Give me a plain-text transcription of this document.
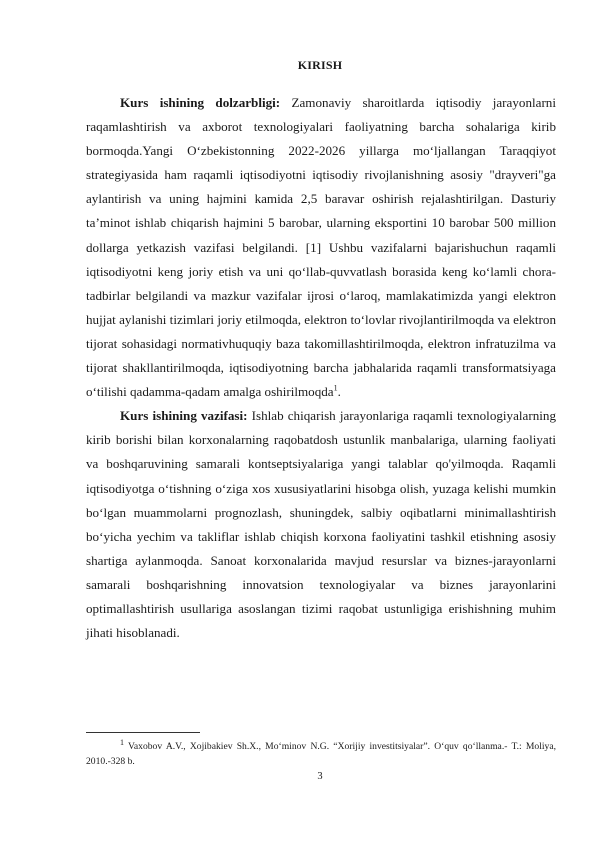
KIRISH

Kurs ishining dolzarbligi: Zamonaviy sharoitlarda iqtisodiy jarayonlarni raqamlashtirish va axborot texnologiyalari faoliyatning barcha sohalariga kirib bormoqda.Yangi O‘zbekistonning 2022-2026 yillarga mo‘ljallangan Taraqqiyot strategiyasida ham raqamli iqtisodiyotni iqtisodiy rivojlanishning asosiy "drayveri"ga aylantirish va uning hajmini kamida 2,5 baravar oshirish rejalashtirilgan. Dasturiy ta’minot ishlab chiqarish hajmini 5 barobar, ularning eksportini 10 barobar 500 million dollarga yetkazish vazifasi belgilandi. [1] Ushbu vazifalarni bajarishuchun raqamli iqtisodiyotni keng joriy etish va uni qo‘llab-quvvatlash borasida keng ko‘lamli chora-tadbirlar belgilandi va mazkur vazifalar ijrosi o‘laroq, mamlakatimizda yangi elektron hujjat aylanishi tizimlari joriy etilmoqda, elektron to‘lovlar rivojlantirilmoqda va elektron tijorat sohasidagi normativhuquqiy baza takomillashtirilmoqda, elektron infratuzilma va tijorat shakllantirilmoqda, iqtisodiyotning barcha jabhalarida raqamli transformatsiyaga o‘tilishi qadamma-qadam amalga oshirilmoqda$^1$.

Kurs ishining vazifasi: Ishlab chiqarish jarayonlariga raqamli texnologiyalarning kirib borishi bilan korxonalarning raqobatdosh ustunlik manbalariga, ularning faoliyati va boshqaruvining samarali kontseptsiyalariga yangi talablar qo'yilmoqda. Raqamli iqtisodiyotga o‘tishning o‘ziga xos xususiyatlarini hisobga olish, yuzaga kelishi mumkin bo‘lgan muammolarni prognozlash, shuningdek, salbiy oqibatlarni minimallashtirish bo‘yicha yechim va takliflar ishlab chiqish korxona faoliyatini tashkil etishning asosiy shartiga aylanmoqda. Sanoat korxonalarida mavjud resurslar va biznes-jarayonlarni samarali boshqarishning innovatsion texnologiyalar va biznes jarayonlarini optimallashtirish usullariga asoslangan tizimi raqobat ustunligiga erishishning muhim jihati hisoblanadi.

$^1$ Vaxobov A.V., Xojibakiev Sh.X., Mo‘minov N.G. “Xorijiy investitsiyalar”. O‘quv qo‘llanma.- T.: Moliya, 2010.-328 b.
3
